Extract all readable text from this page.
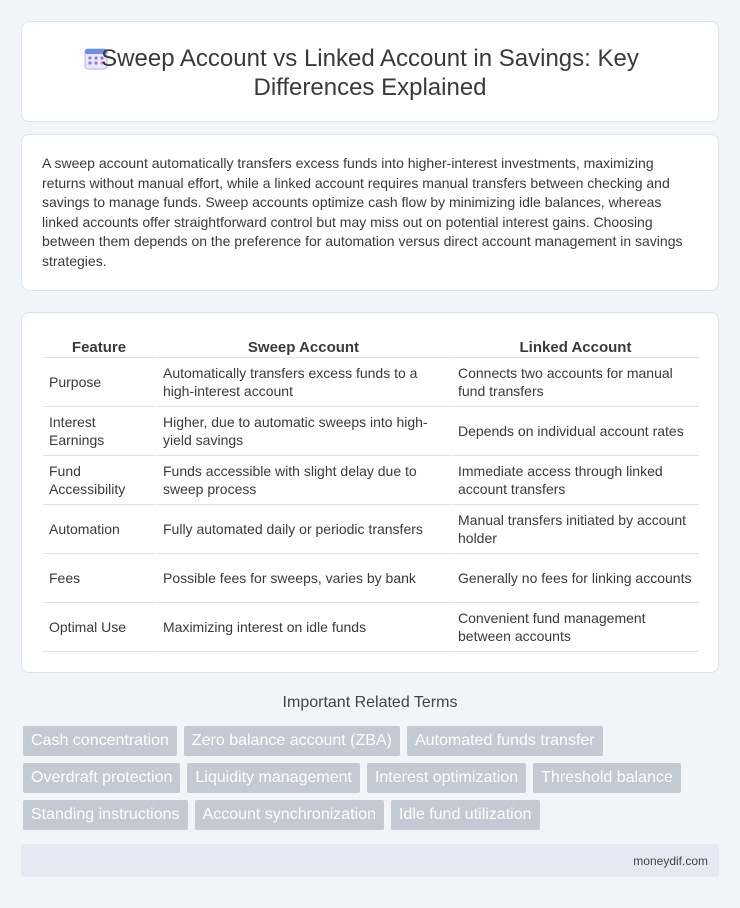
Sweep Account vs Linked Account in Savings: Key Differences Explained

A sweep account automatically transfers excess funds into higher-interest investments, maximizing returns without manual effort, while a linked account requires manual transfers between checking and savings to manage funds. Sweep accounts optimize cash flow by minimizing idle balances, whereas linked accounts offer straightforward control but may miss out on potential interest gains. Choosing between them depends on the preference for automation versus direct account management in savings strategies.

Feature	Sweep Account	Linked Account
Purpose	Automatically transfers excess funds to a high-interest account	Connects two accounts for manual fund transfers
Interest Earnings	Higher, due to automatic sweeps into high-yield savings	Depends on individual account rates
Fund Accessibility	Funds accessible with slight delay due to sweep process	Immediate access through linked account transfers
Automation	Fully automated daily or periodic transfers	Manual transfers initiated by account holder
Fees	Possible fees for sweeps, varies by bank	Generally no fees for linking accounts
Optimal Use	Maximizing interest on idle funds	Convenient fund management between accounts
Important Related Terms
Cash concentration	Zero balance account (ZBA)	Automated funds transfer
Overdraft protection	Liquidity management	Interest optimization	Threshold balance
Standing instructions	Account synchronization	Idle fund utilization
moneydif.com
